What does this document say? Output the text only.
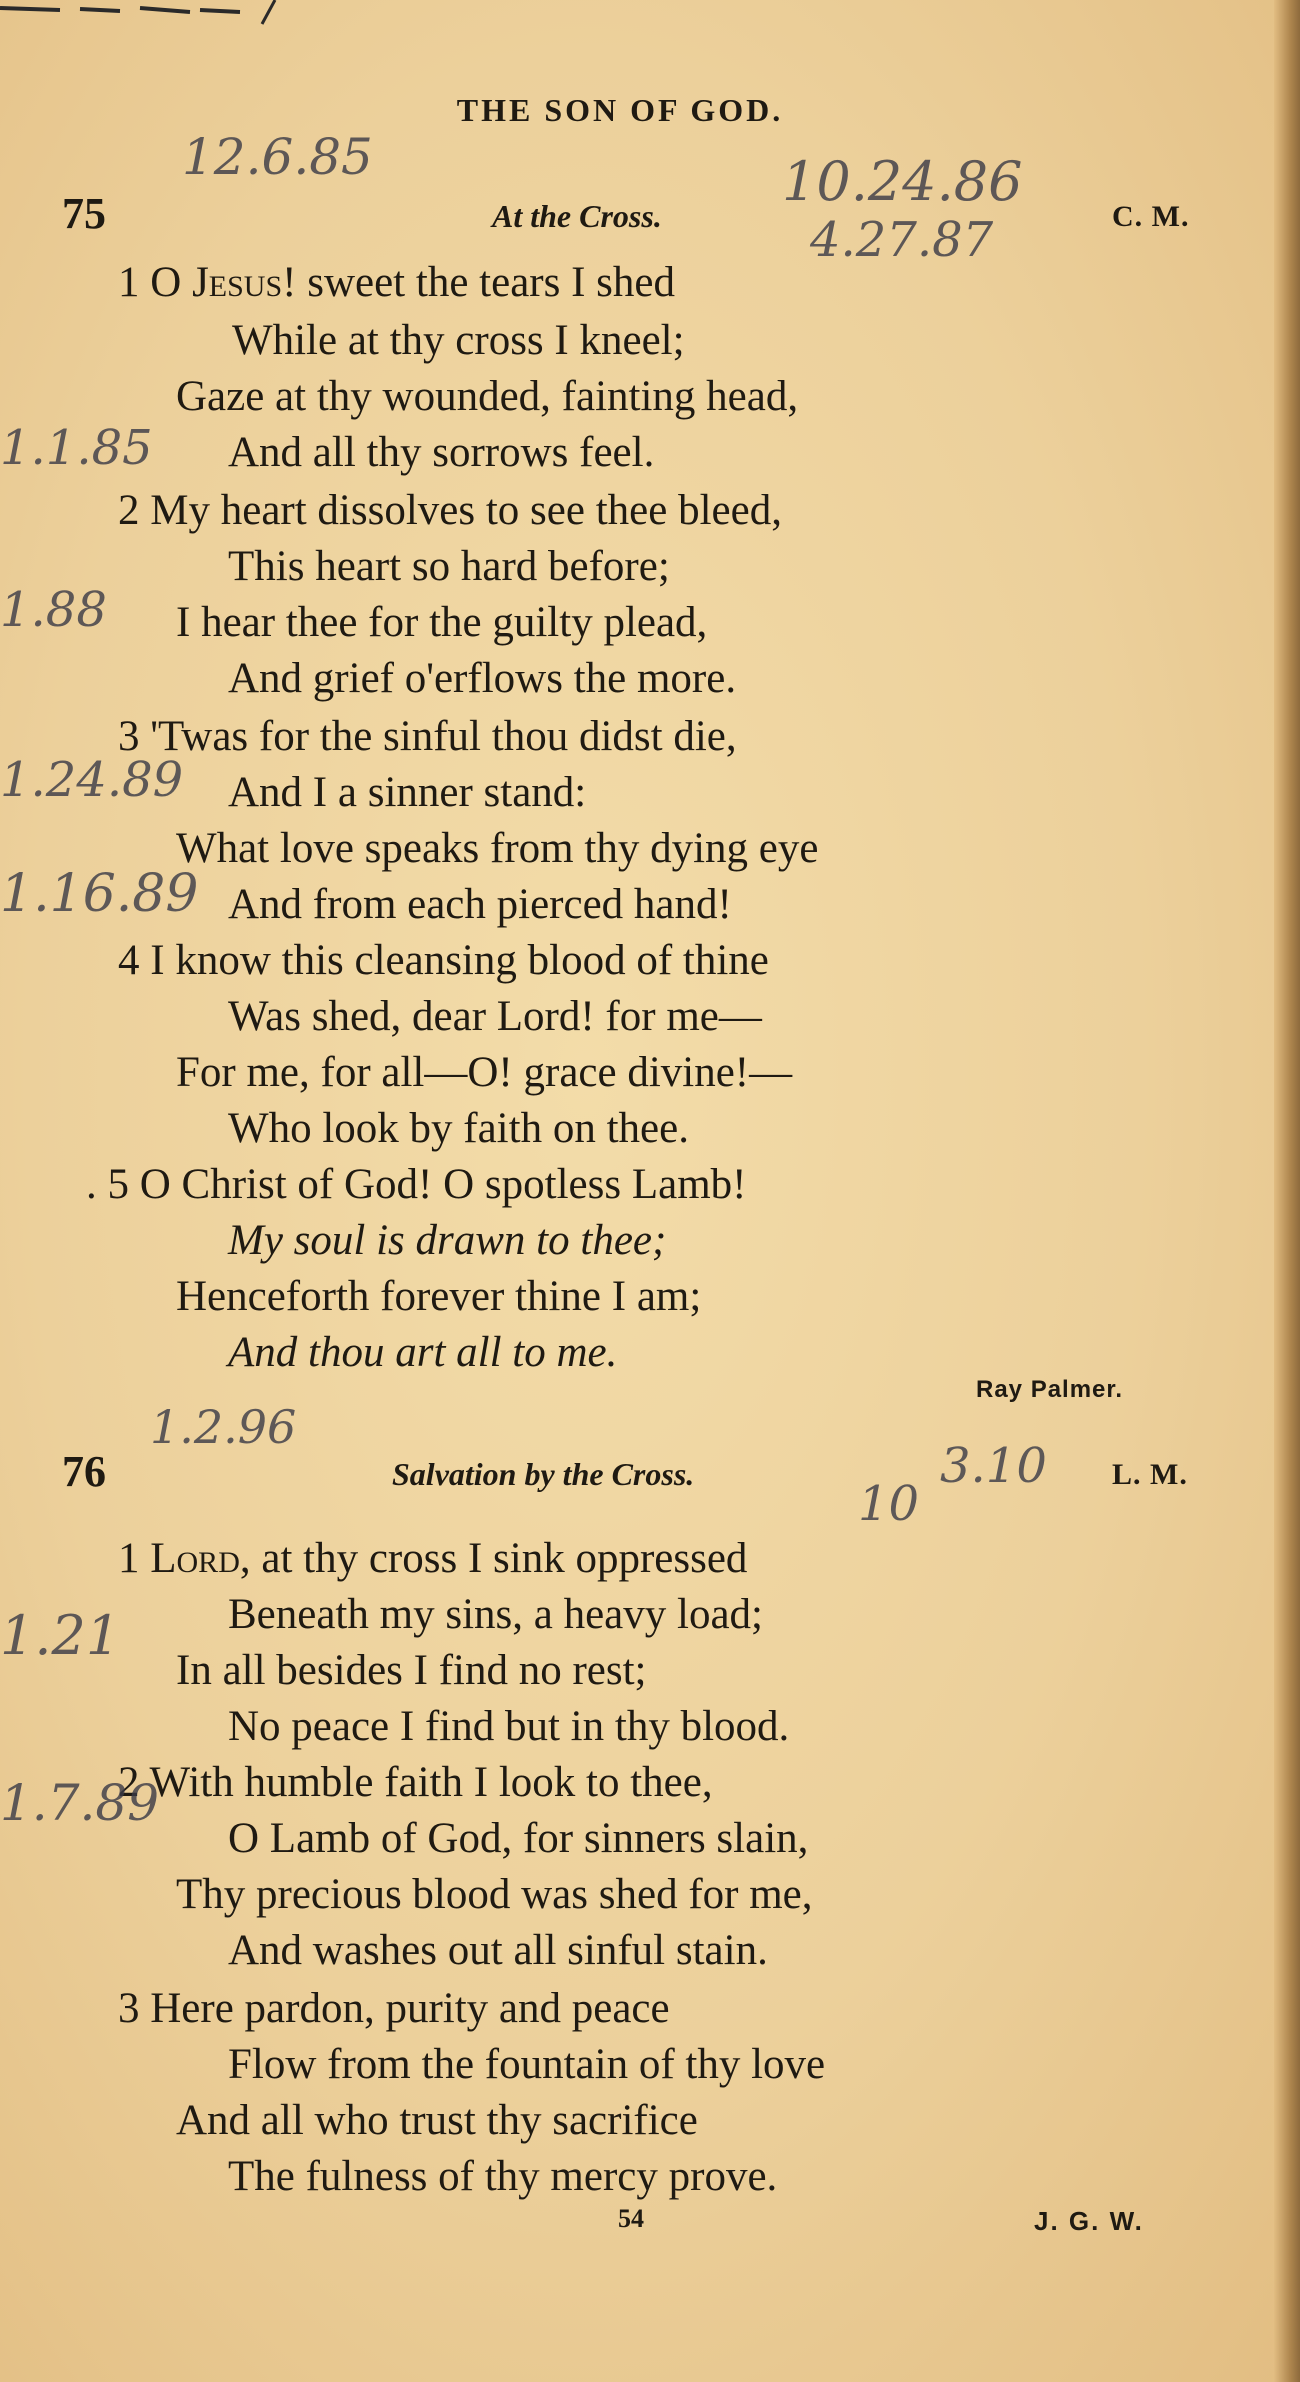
THE SON OF GOD.
75	At the Cross.	C. M.
1 O Jesus! sweet the tears I shed
While at thy cross I kneel;
Gaze at thy wounded, fainting head,
And all thy sorrows feel.
2 My heart dissolves to see thee bleed,
This heart so hard before;
I hear thee for the guilty plead,
And grief o'erflows the more.
3 'Twas for the sinful thou didst die,
And I a sinner stand:
What love speaks from thy dying eye
And from each pierced hand!
4 I know this cleansing blood of thine
Was shed, dear Lord! for me—
For me, for all—O! grace divine!—
Who look by faith on thee.
. 5 O Christ of God! O spotless Lamb!
My soul is drawn to thee;
Henceforth forever thine I am;
And thou art all to me.
Ray Palmer.
76	Salvation by the Cross.	L. M.
1 Lord, at thy cross I sink oppressed
Beneath my sins, a heavy load;
In all besides I find no rest;
No peace I find but in thy blood.
2 With humble faith I look to thee,
O Lamb of God, for sinners slain,
Thy precious blood was shed for me,
And washes out all sinful stain.
3 Here pardon, purity and peace
Flow from the fountain of thy love
And all who trust thy sacrifice
The fulness of thy mercy prove.
54	J. G. W.
12.6.85	10.24.86
4.27.87
1.1.85
1.88
1.24.89
1.16.89
1.2.96
10
3.10
1.21
1.7.89
